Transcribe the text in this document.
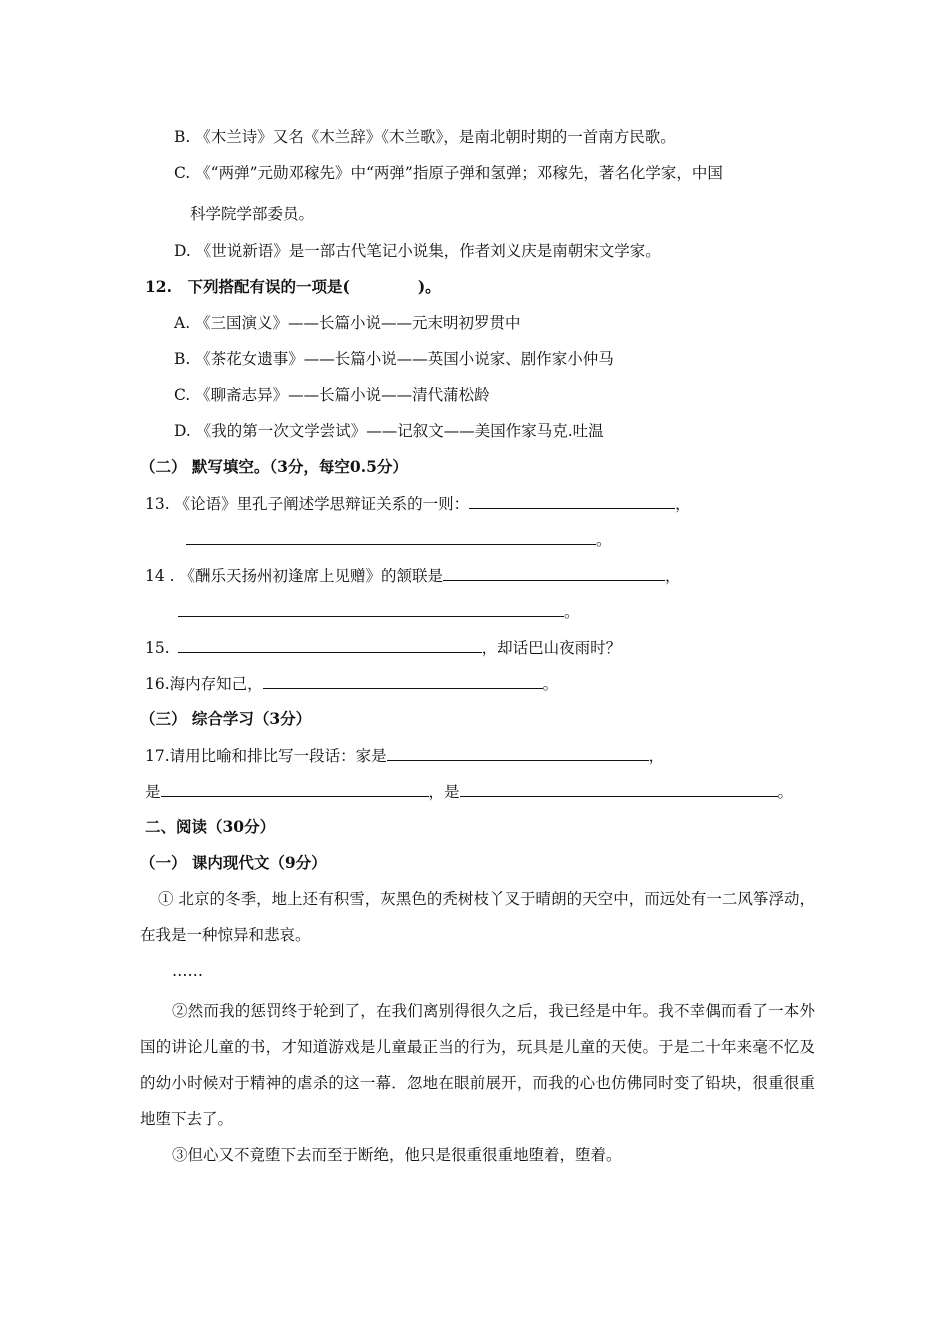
B. 《木兰诗》又名《木兰辞》《木兰歌》，是南北朝时期的一首南方民歌。
C. 《“两弹”元勋邓稼先》中“两弹”指原子弹和氢弹；邓稼先，著名化学家，中国
科学院学部委员。
D. 《世说新语》是一部古代笔记小说集，作者刘义庆是南朝宋文学家。
12.　下列搭配有误的一项是(	)。
A. 《三国演义》——长篇小说——元末明初罗贯中
B. 《茶花女遗事》——长篇小说——英国小说家、剧作家小仲马
C. 《聊斋志异》——长篇小说——清代蒲松龄
D. 《我的第一次文学尝试》——记叙文——美国作家马克.吐温
（二） 默写填空。（3分，每空0.5分）
13. 《论语》里孔子阐述学思辩证关系的一则：	，
。
14 . 《酬乐天扬州初逢席上见赠》的颔联是	，
。
15.	，却话巴山夜雨时？
16.海内存知己，	。
（三） 综合学习（3分）
17.请用比喻和排比写一段话：家是	，
是	，是	。
二、阅读（30分）
（一） 课内现代文（9分）
① 北京的冬季，地上还有积雪，灰黑色的秃树枝丫叉于晴朗的天空中，而远处有一二风筝浮动，在我是一种惊异和悲哀。
……
②然而我的惩罚终于轮到了，在我们离别得很久之后，我已经是中年。我不幸偶而看了一本外国的讲论儿童的书，才知道游戏是儿童最正当的行为，玩具是儿童的天使。于是二十年来毫不忆及的幼小时候对于精神的虐杀的这一幕．忽地在眼前展开，而我的心也仿佛同时变了铅块，很重很重地堕下去了。
③但心又不竟堕下去而至于断绝，他只是很重很重地堕着，堕着。
